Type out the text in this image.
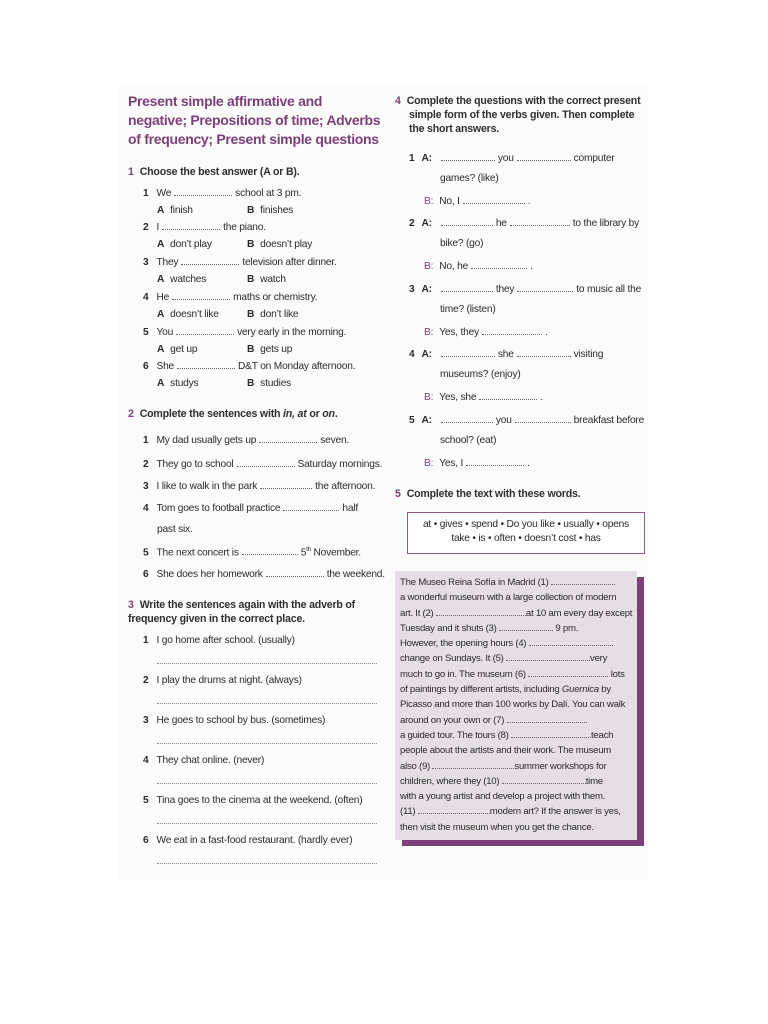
Present simple affirmative and
negative; Prepositions of time; Adverbs
of frequency; Present simple questions
1 Choose the best answer (A or B).
1 We	school at 3 pm.
A finish	B finishes
2 I	the piano.
A don’t play	B doesn’t play
3 They	television after dinner.
A watches	B watch
4 He	maths or chemistry.
A doesn’t like	B don’t like
5 You	very early in the morning.
A get up	B gets up
6 She	D&T on Monday afternoon.
A studys	B studies
2 Complete the sentences with in, at or on.
1 My dad usually gets up	seven.
2 They go to school	Saturday mornings.
3 I like to walk in the park	the afternoon.
4 Tom goes to football practice	half
past six.
5 The next concert is	5th November.
6 She does her homework	the weekend.
3 Write the sentences again with the adverb of
frequency given in the correct place.
1 I go home after school. (usually)
2 I play the drums at night. (always)
3 He goes to school by bus. (sometimes)
4 They chat online. (never)
5 Tina goes to the cinema at the weekend. (often)
6 We eat in a fast-food restaurant. (hardly ever)
4 Complete the questions with the correct present
simple form of the verbs given. Then complete
the short answers.
1 A:	you	computer
games? (like)
B: No, I	.
2 A:	he	to the library by
bike? (go)
B: No, he	.
3 A:	they	to music all the
time? (listen)
B: Yes, they	.
4 A:	she	visiting
museums? (enjoy)
B: Yes, she	.
5 A:	you	breakfast before
school? (eat)
B: Yes, I	.
5 Complete the text with these words.
at • gives • spend • Do you like • usually • opens
take • is • often • doesn’t cost • has
The Museo Reina Sofía in Madrid (1)
a wonderful museum with a large collection of modern
art. It (2)	at 10 am every day except
Tuesday and it shuts (3)	9 pm.
However, the opening hours (4)
change on Sundays. It (5)	very
much to go in. The museum (6)	lots
of paintings by different artists, including Guernica by
Picasso and more than 100 works by Dalí. You can walk
around on your own or (7)
a guided tour. The tours (8)	teach
people about the artists and their work. The museum
also (9)	summer workshops for
children, where they (10)	time
with a young artist and develop a project with them.
(11)	modern art? If the answer is yes,
then visit the museum when you get the chance.
